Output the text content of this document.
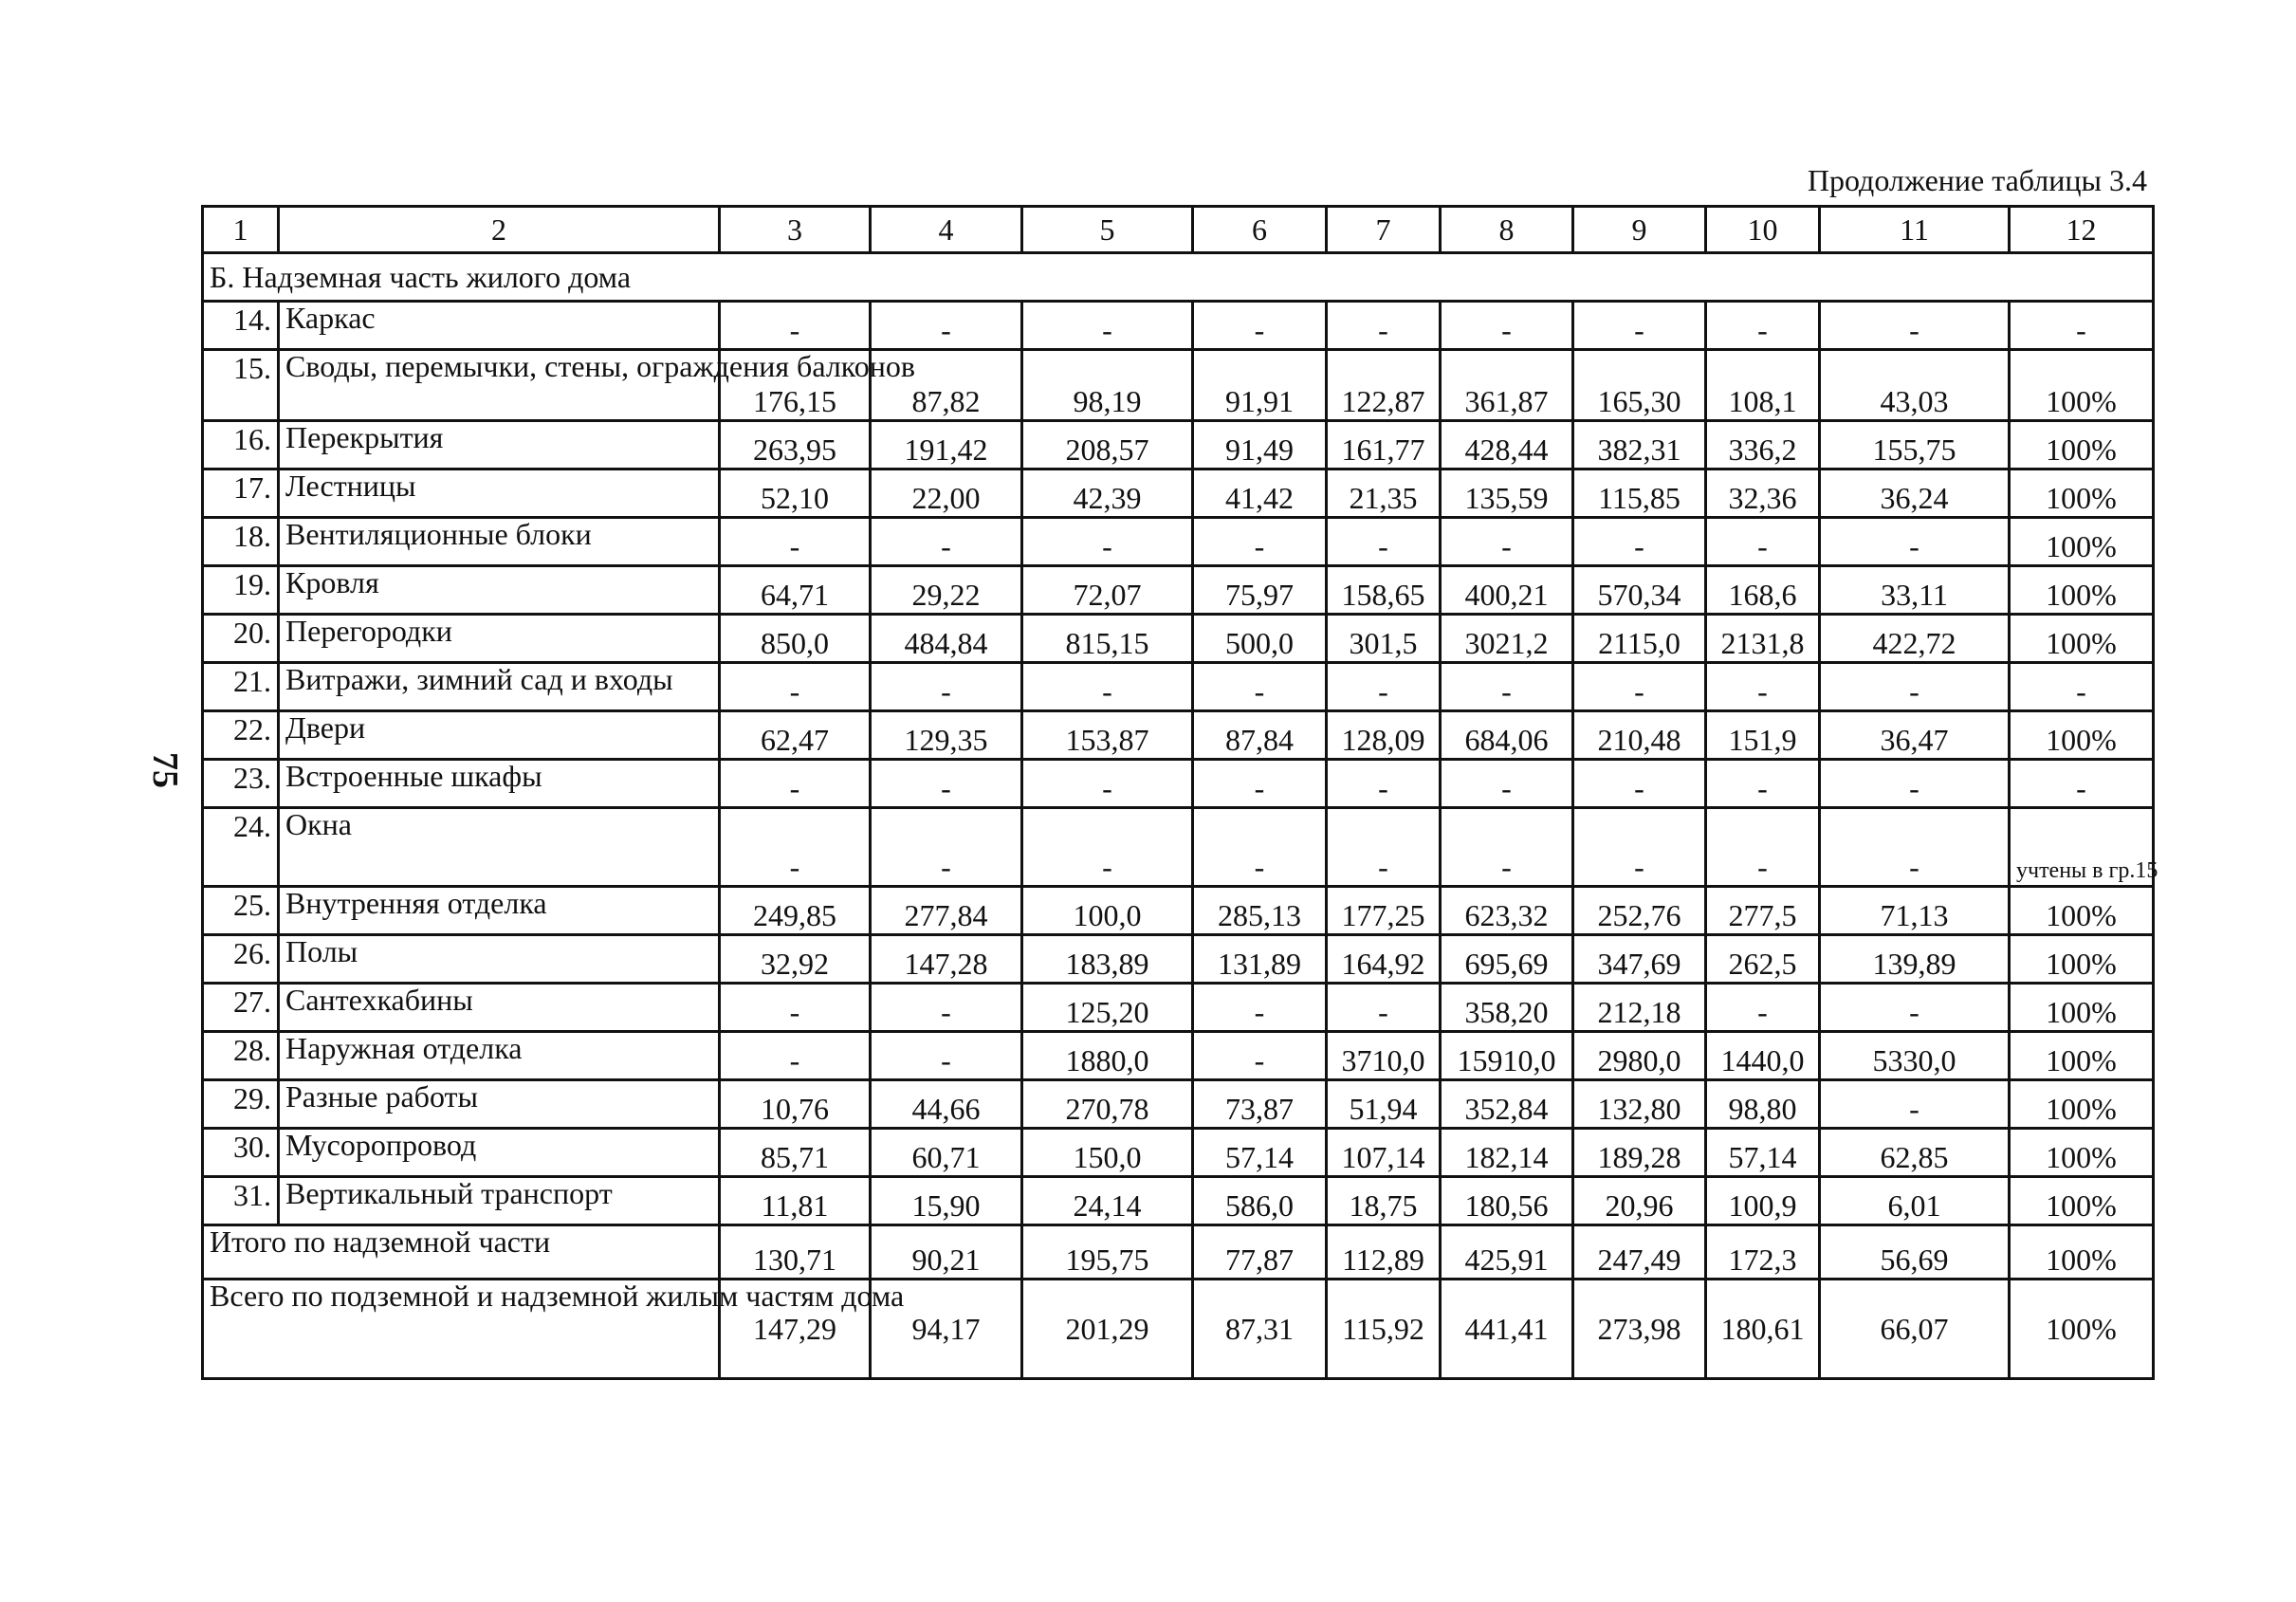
Продолжение таблицы 3.4
75
1	2	3	4	5	6	7	8	9	10	11	12
Б. Надземная часть жилого дома											
14.	Каркас	-	-	-	-	-	-	-	-	-	-
15.	Своды, перемычки, стены, ограждения балконов	176,15	87,82	98,19	91,91	122,87	361,87	165,30	108,1	43,03	100%
16.	Перекрытия	263,95	191,42	208,57	91,49	161,77	428,44	382,31	336,2	155,75	100%
17.	Лестницы	52,10	22,00	42,39	41,42	21,35	135,59	115,85	32,36	36,24	100%
18.	Вентиляционные блоки	-	-	-	-	-	-	-	-	-	100%
19.	Кровля	64,71	29,22	72,07	75,97	158,65	400,21	570,34	168,6	33,11	100%
20.	Перегородки	850,0	484,84	815,15	500,0	301,5	3021,2	2115,0	2131,8	422,72	100%
21.	Витражи, зимний сад и входы	-	-	-	-	-	-	-	-	-	-
22.	Двери	62,47	129,35	153,87	87,84	128,09	684,06	210,48	151,9	36,47	100%
23.	Встроенные шкафы	-	-	-	-	-	-	-	-	-	-
24.	Окна	-	-	-	-	-	-	-	-	-	учтены в гр.15
25.	Внутренняя отделка	249,85	277,84	100,0	285,13	177,25	623,32	252,76	277,5	71,13	100%
26.	Полы	32,92	147,28	183,89	131,89	164,92	695,69	347,69	262,5	139,89	100%
27.	Сантехкабины	-	-	125,20	-	-	358,20	212,18	-	-	100%
28.	Наружная отделка	-	-	1880,0	-	3710,0	15910,0	2980,0	1440,0	5330,0	100%
29.	Разные работы	10,76	44,66	270,78	73,87	51,94	352,84	132,80	98,80	-	100%
30.	Мусоропровод	85,71	60,71	150,0	57,14	107,14	182,14	189,28	57,14	62,85	100%
31.	Вертикальный транспорт	11,81	15,90	24,14	586,0	18,75	180,56	20,96	100,9	6,01	100%
Итого по надземной части		130,71	90,21	195,75	77,87	112,89	425,91	247,49	172,3	56,69	100%
Всего по подземной и надземной жилым частям дома		147,29	94,17	201,29	87,31	115,92	441,41	273,98	180,61	66,07	100%
